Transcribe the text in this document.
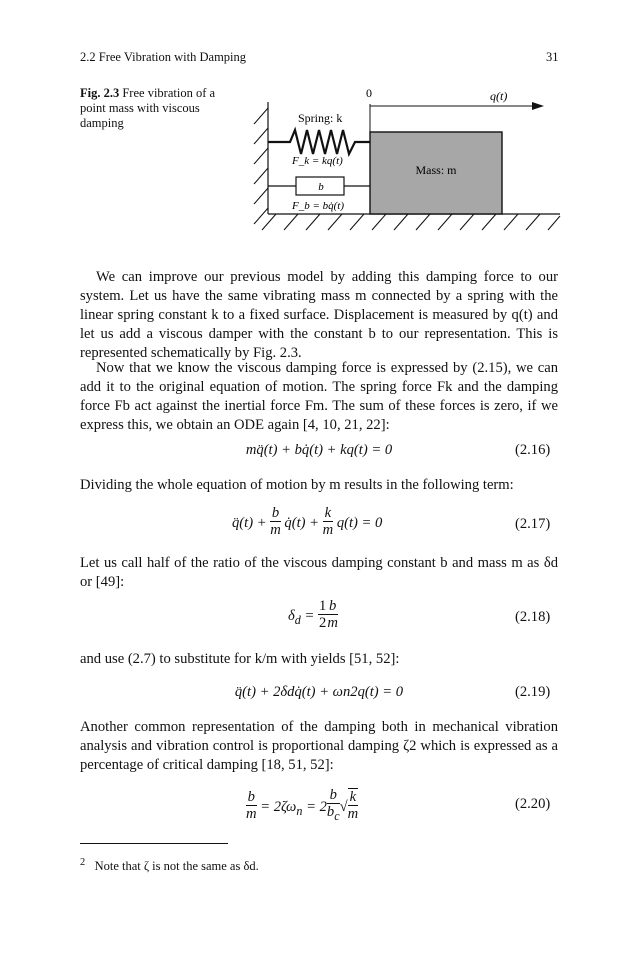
2.2 Free Vibration with Damping	31
Fig. 2.3 Free vibration of a point mass with viscous damping
0	q(t)
Spring: k
F_k = kq(t)
b
F_b = bq̇(t)
Mass: m
We can improve our previous model by adding this damping force to our system. Let us have the same vibrating mass m connected by a spring with the linear spring constant k to a fixed surface. Displacement is measured by q(t) and let us add a viscous damper with the constant b to our representation. This is represented schematically by Fig. 2.3.
Now that we know the viscous damping force is expressed by (2.15), we can add it to the original equation of motion. The spring force Fk and the damping force Fb act against the inertial force Fm. The sum of these forces is zero, if we express this, we obtain an ODE again [4, 10, 21, 22]:
mq̈(t) + bq̇(t) + kq(t) = 0	(2.16)
Dividing the whole equation of motion by m results in the following term:
q̈(t) + $\frac{b}{m}$ q̇(t) + $\frac{k}{m} q(t) = 0$	(2.17)
Let us call half of the ratio of the viscous damping constant b and mass m as δd or [49]:
$\delta_d = \frac{1}{2} \frac{b}{m}$	(2.18)
and use (2.7) to substitute for k/m with yields [51, 52]:
q̈(t) + 2δdq̇(t) + ωn2q(t) = 0	(2.19)
Another common representation of the damping both in mechanical vibration analysis and vibration control is proportional damping ζ2 which is expressed as a percentage of critical damping [18, 51, 52]:
$\frac{b}{m} = 2\zeta\omega_n = 2 \frac{b}{b_c}$ √ $\frac{k}{m}$	(2.20)
$^2$ Note that ζ is not the same as δd.
